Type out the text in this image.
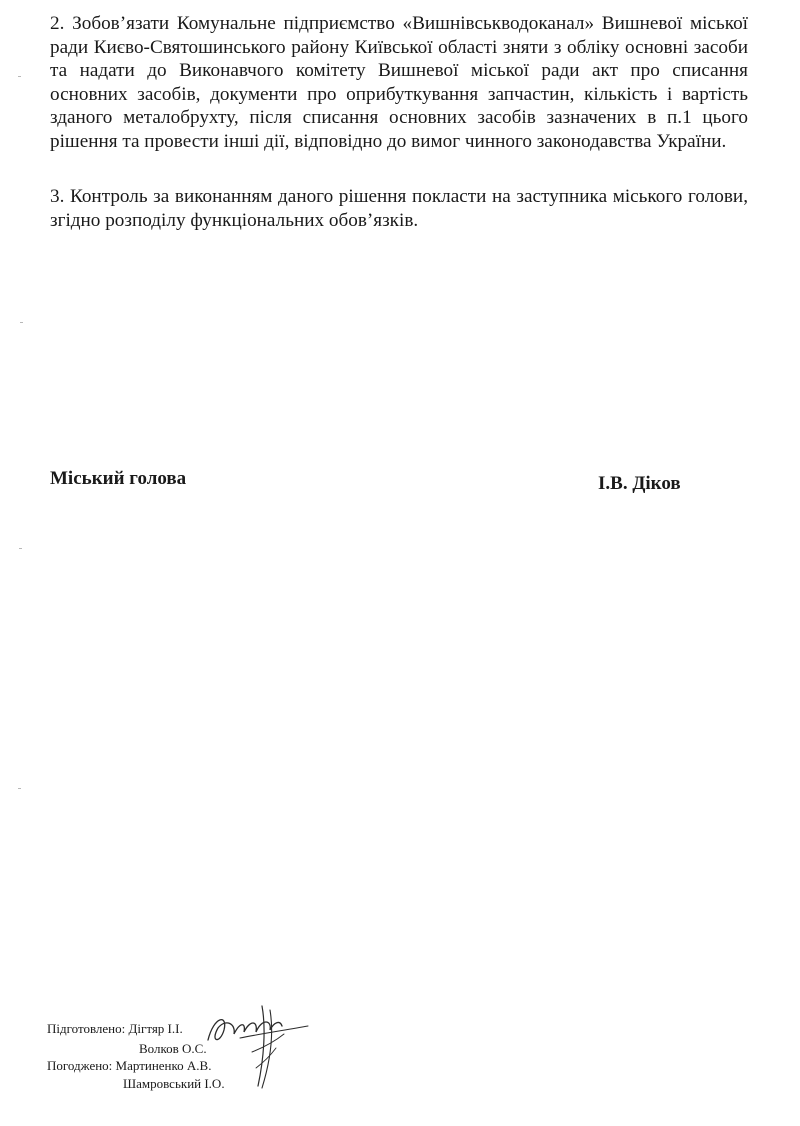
2. Зобов’язати Комунальне підприємство «Вишнівськводоканал» Вишневої міської ради Києво-Святошинського району Київської області зняти з обліку основні засоби та надати до Виконавчого комітету Вишневої міської ради акт про списання основних засобів, документи про оприбуткування запчастин, кількість і вартість зданого металобрухту, після списання основних засобів зазначених в п.1 цього рішення та провести інші дії, відповідно до вимог чинного законодавства України.

3. Контроль за виконанням даного рішення покласти на заступника міського голови, згідно розподілу функціональних обов’язків.

Міський голова	І.В. Діков
Підготовлено: Дігтяр І.І.
Волков О.С.
Погоджено: Мартиненко А.В.
Шамровський І.О.
